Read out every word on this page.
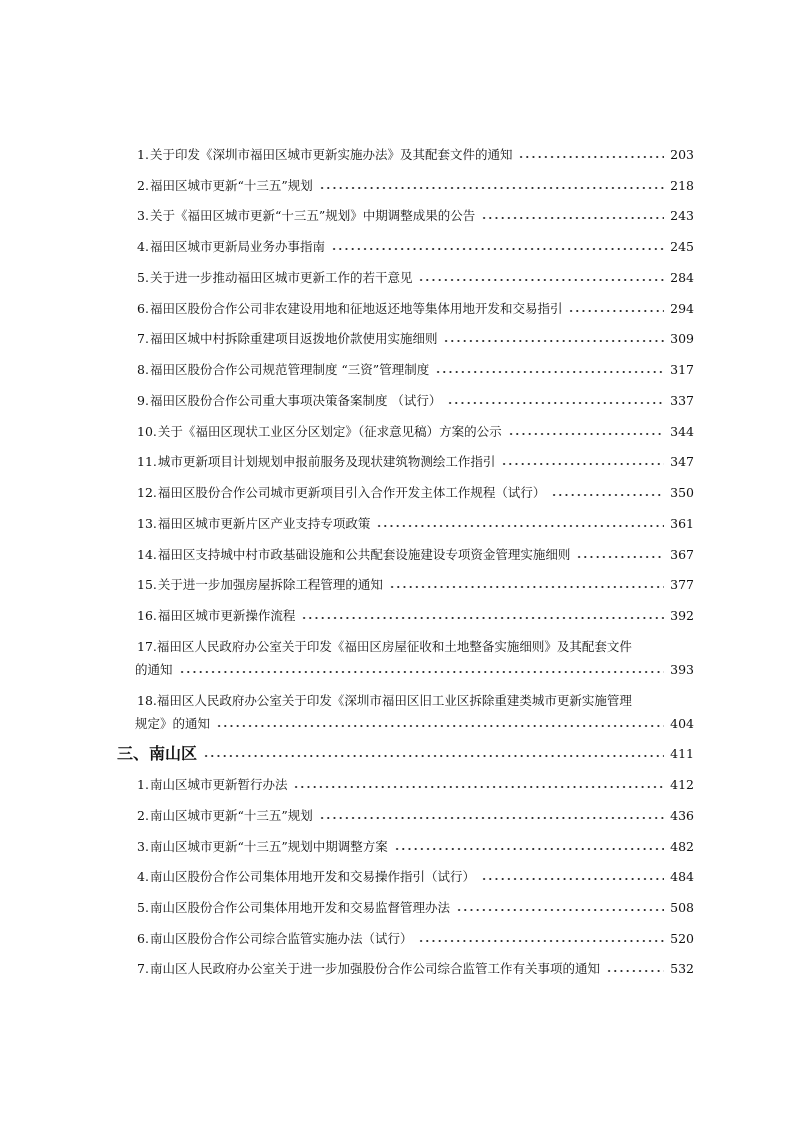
1.关于印发《深圳市福田区城市更新实施办法》及其配套文件的通知	203
2.福田区城市更新“十三五”规划	218
3.关于《福田区城市更新“十三五”规划》中期调整成果的公告	243
4.福田区城市更新局业务办事指南	245
5.关于进一步推动福田区城市更新工作的若干意见	284
6.福田区股份合作公司非农建设用地和征地返还地等集体用地开发和交易指引	294
7.福田区城中村拆除重建项目返拨地价款使用实施细则	309
8.福田区股份合作公司规范管理制度 “三资”管理制度	317
9.福田区股份合作公司重大事项决策备案制度 （试行）	337
10.关于《福田区现状工业区分区划定》（征求意见稿）方案的公示	344
11.城市更新项目计划规划申报前服务及现状建筑物测绘工作指引	347
12.福田区股份合作公司城市更新项目引入合作开发主体工作规程（试行）	350
13.福田区城市更新片区产业支持专项政策	361
14.福田区支持城中村市政基础设施和公共配套设施建设专项资金管理实施细则	367
15.关于进一步加强房屋拆除工程管理的通知	377
16.福田区城市更新操作流程	392
17.福田区人民政府办公室关于印发《福田区房屋征收和土地整备实施细则》及其配套文件
的通知	393
18.福田区人民政府办公室关于印发《深圳市福田区旧工业区拆除重建类城市更新实施管理
规定》的通知	404
三、南山区	411
1.南山区城市更新暂行办法	412
2.南山区城市更新“十三五”规划	436
3.南山区城市更新“十三五”规划中期调整方案	482
4.南山区股份合作公司集体用地开发和交易操作指引（试行）	484
5.南山区股份合作公司集体用地开发和交易监督管理办法	508
6.南山区股份合作公司综合监管实施办法（试行）	520
7.南山区人民政府办公室关于进一步加强股份合作公司综合监管工作有关事项的通知	532
